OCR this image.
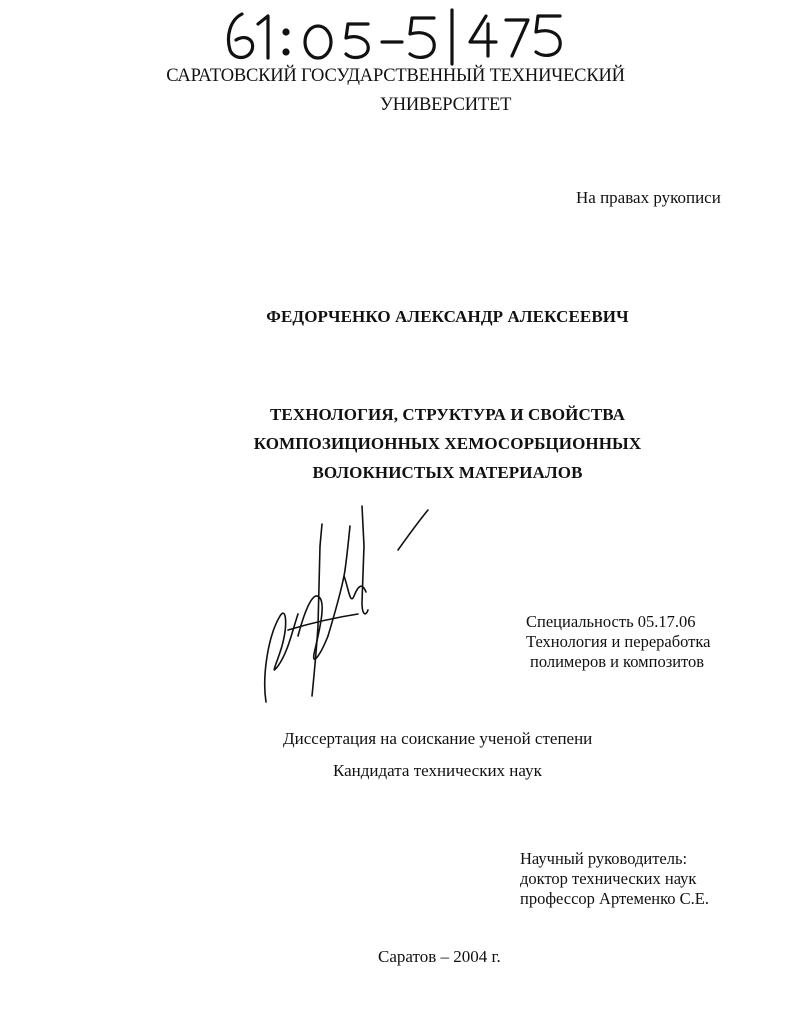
САРАТОВСКИЙ ГОСУДАРСТВЕННЫЙ ТЕХНИЧЕСКИЙ
УНИВЕРСИТЕТ
На правах рукописи
ФЕДОРЧЕНКО АЛЕКСАНДР АЛЕКСЕЕВИЧ
ТЕХНОЛОГИЯ, СТРУКТУРА И СВОЙСТВА
КОМПОЗИЦИОННЫХ ХЕМОСОРБЦИОННЫХ
ВОЛОКНИСТЫХ МАТЕРИАЛОВ
Специальность 05.17.06
Технология и переработка
полимеров и композитов
Диссертация на соискание ученой степени
Кандидата технических наук
Научный руководитель:
доктор технических наук
профессор Артеменко С.Е.
Саратов – 2004 г.
